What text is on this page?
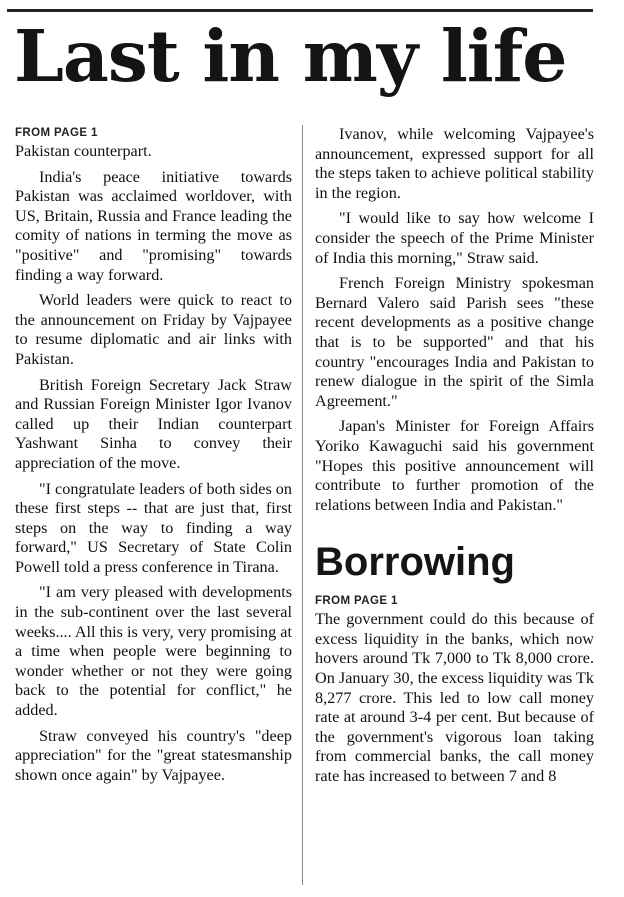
Last in my life
FROM PAGE 1

Pakistan counterpart.

India's peace initiative towards Pakistan was acclaimed worldover, with US, Britain, Russia and France leading the comity of nations in terming the move as "positive" and "promising" towards finding a way forward.

World leaders were quick to react to the announcement on Friday by Vajpayee to resume diplomatic and air links with Pakistan.

British Foreign Secretary Jack Straw and Russian Foreign Minister Igor Ivanov called up their Indian counterpart Yashwant Sinha to convey their appreciation of the move.

"I congratulate leaders of both sides on these first steps -- that are just that, first steps on the way to finding a way forward," US Secretary of State Colin Powell told a press conference in Tirana.

"I am very pleased with developments in the sub-continent over the last several weeks.... All this is very, very promising at a time when people were beginning to wonder whether or not they were going back to the potential for conflict," he added.

Straw conveyed his country's "deep appreciation" for the "great statesmanship shown once again" by Vajpayee.

Ivanov, while welcoming Vajpayee's announcement, expressed support for all the steps taken to achieve political stability in the region.

"I would like to say how welcome I consider the speech of the Prime Minister of India this morning," Straw said.

French Foreign Ministry spokesman Bernard Valero said Parish sees "these recent developments as a positive change that is to be supported" and that his country "encourages India and Pakistan to renew dialogue in the spirit of the Simla Agreement."

Japan's Minister for Foreign Affairs Yoriko Kawaguchi said his government "Hopes this positive announcement will contribute to further promotion of the relations between India and Pakistan."

Borrowing
FROM PAGE 1

The government could do this because of excess liquidity in the banks, which now hovers around Tk 7,000 to Tk 8,000 crore. On January 30, the excess liquidity was Tk 8,277 crore. This led to low call money rate at around 3-4 per cent. But because of the government's vigorous loan taking from commercial banks, the call money rate has increased to between 7 and 8
